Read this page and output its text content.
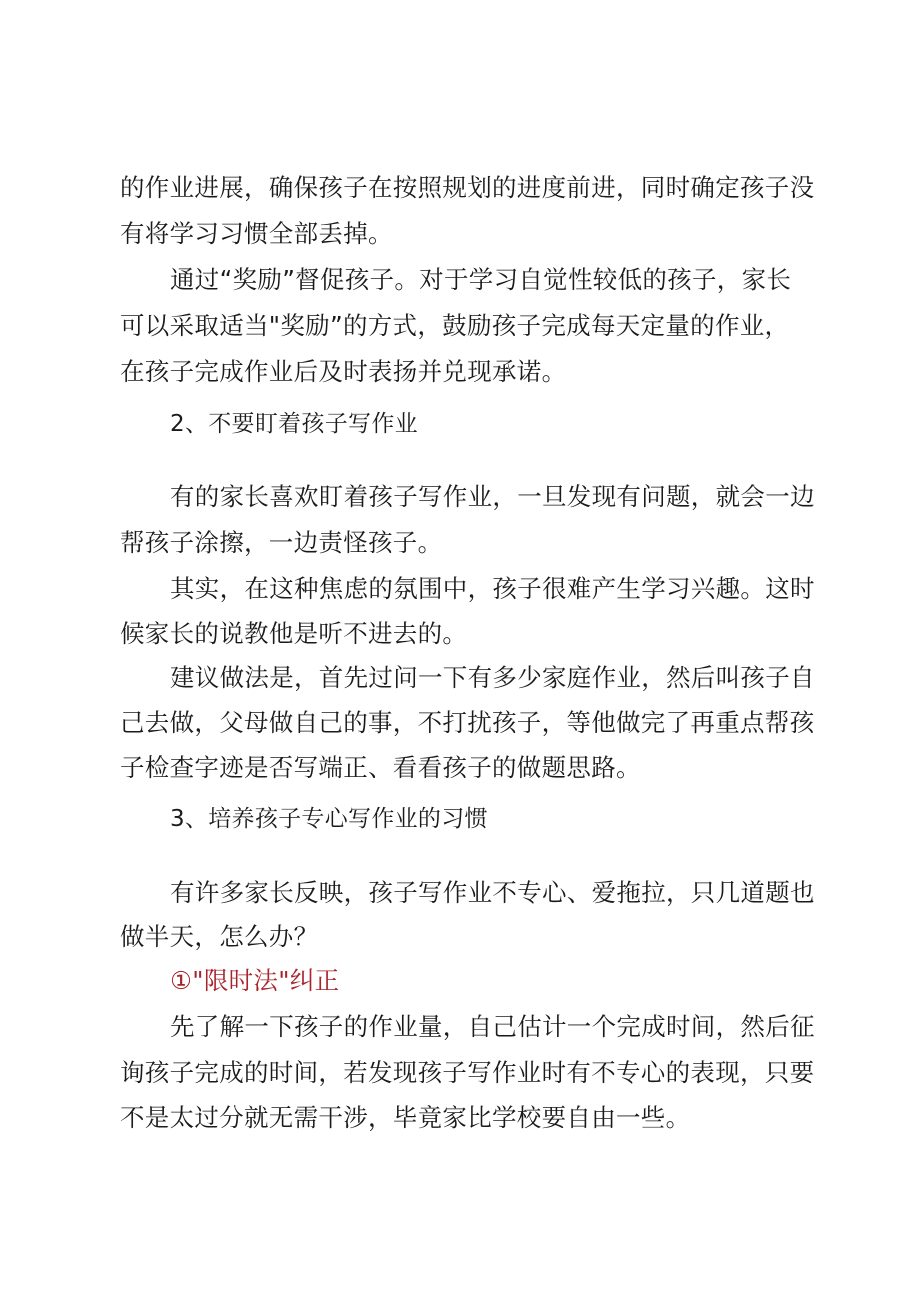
的作业进展，确保孩子在按照规划的进度前进，同时确定孩子没
有将学习习惯全部丢掉。
通过“奖励”督促孩子。对于学习自觉性较低的孩子，家长
可以采取适当"奖励”的方式，鼓励孩子完成每天定量的作业，
在孩子完成作业后及时表扬并兑现承诺。
2、不要盯着孩子写作业
有的家长喜欢盯着孩子写作业，一旦发现有问题，就会一边
帮孩子涂擦，一边责怪孩子。
其实，在这种焦虑的氛围中，孩子很难产生学习兴趣。这时
候家长的说教他是听不进去的。
建议做法是，首先过问一下有多少家庭作业，然后叫孩子自
己去做，父母做自己的事，不打扰孩子，等他做完了再重点帮孩
子检查字迹是否写端正、看看孩子的做题思路。
3、培养孩子专心写作业的习惯
有许多家长反映，孩子写作业不专心、爱拖拉，只几道题也
做半天，怎么办？
①"限时法"纠正
先了解一下孩子的作业量，自己估计一个完成时间，然后征
询孩子完成的时间，若发现孩子写作业时有不专心的表现，只要
不是太过分就无需干涉，毕竟家比学校要自由一些。
